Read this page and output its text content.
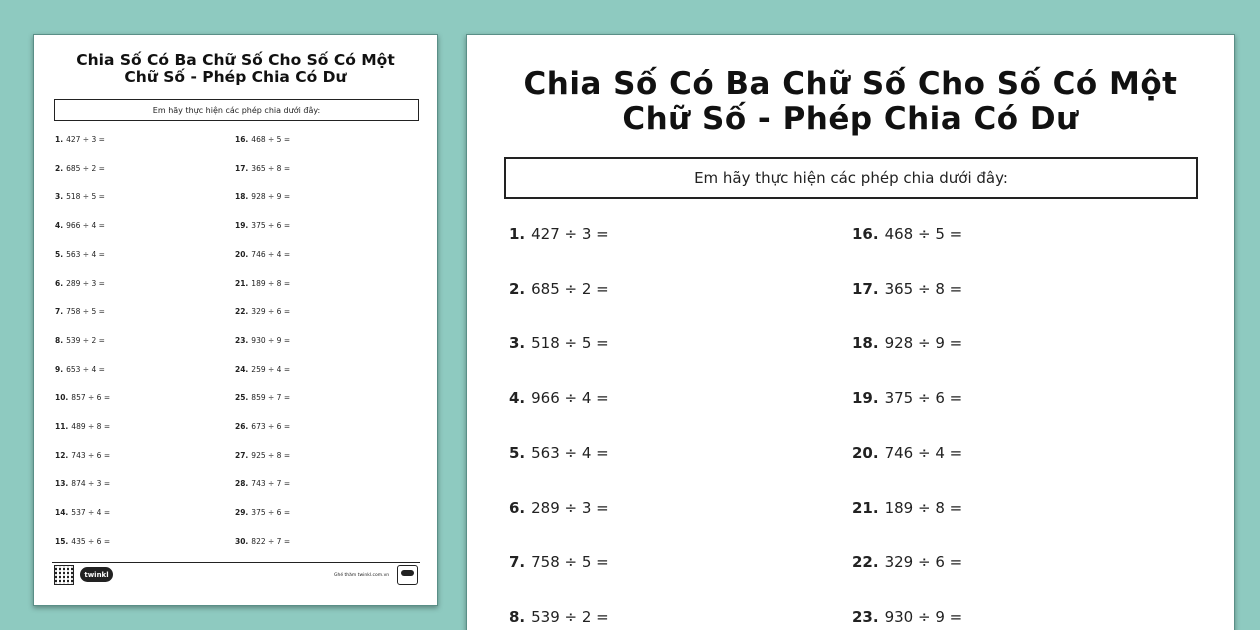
Chia Số Có Ba Chữ Số Cho Số Có Một
Chữ Số - Phép Chia Có Dư
Em hãy thực hiện các phép chia dưới đây:
1. 427 ÷ 3 =
2. 685 ÷ 2 =
3. 518 ÷ 5 =
4. 966 ÷ 4 =
5. 563 ÷ 4 =
6. 289 ÷ 3 =
7. 758 ÷ 5 =
8. 539 ÷ 2 =
9. 653 ÷ 4 =
10. 857 ÷ 6 =
11. 489 ÷ 8 =
12. 743 ÷ 6 =
13. 874 ÷ 3 =
14. 537 ÷ 4 =
15. 435 ÷ 6 =
16. 468 ÷ 5 =
17. 365 ÷ 8 =
18. 928 ÷ 9 =
19. 375 ÷ 6 =
20. 746 ÷ 4 =
21. 189 ÷ 8 =
22. 329 ÷ 6 =
23. 930 ÷ 9 =
24. 259 ÷ 4 =
25. 859 ÷ 7 =
26. 673 ÷ 6 =
27. 925 ÷ 8 =
28. 743 ÷ 7 =
29. 375 ÷ 6 =
30. 822 ÷ 7 =
twinkl	Ghé thăm twinkl.com.vn
Chia Số Có Ba Chữ Số Cho Số Có Một
Chữ Số - Phép Chia Có Dư
Em hãy thực hiện các phép chia dưới đây:
1. 427 ÷ 3 =
2. 685 ÷ 2 =
3. 518 ÷ 5 =
4. 966 ÷ 4 =
5. 563 ÷ 4 =
6. 289 ÷ 3 =
7. 758 ÷ 5 =
8. 539 ÷ 2 =
16. 468 ÷ 5 =
17. 365 ÷ 8 =
18. 928 ÷ 9 =
19. 375 ÷ 6 =
20. 746 ÷ 4 =
21. 189 ÷ 8 =
22. 329 ÷ 6 =
23. 930 ÷ 9 =
